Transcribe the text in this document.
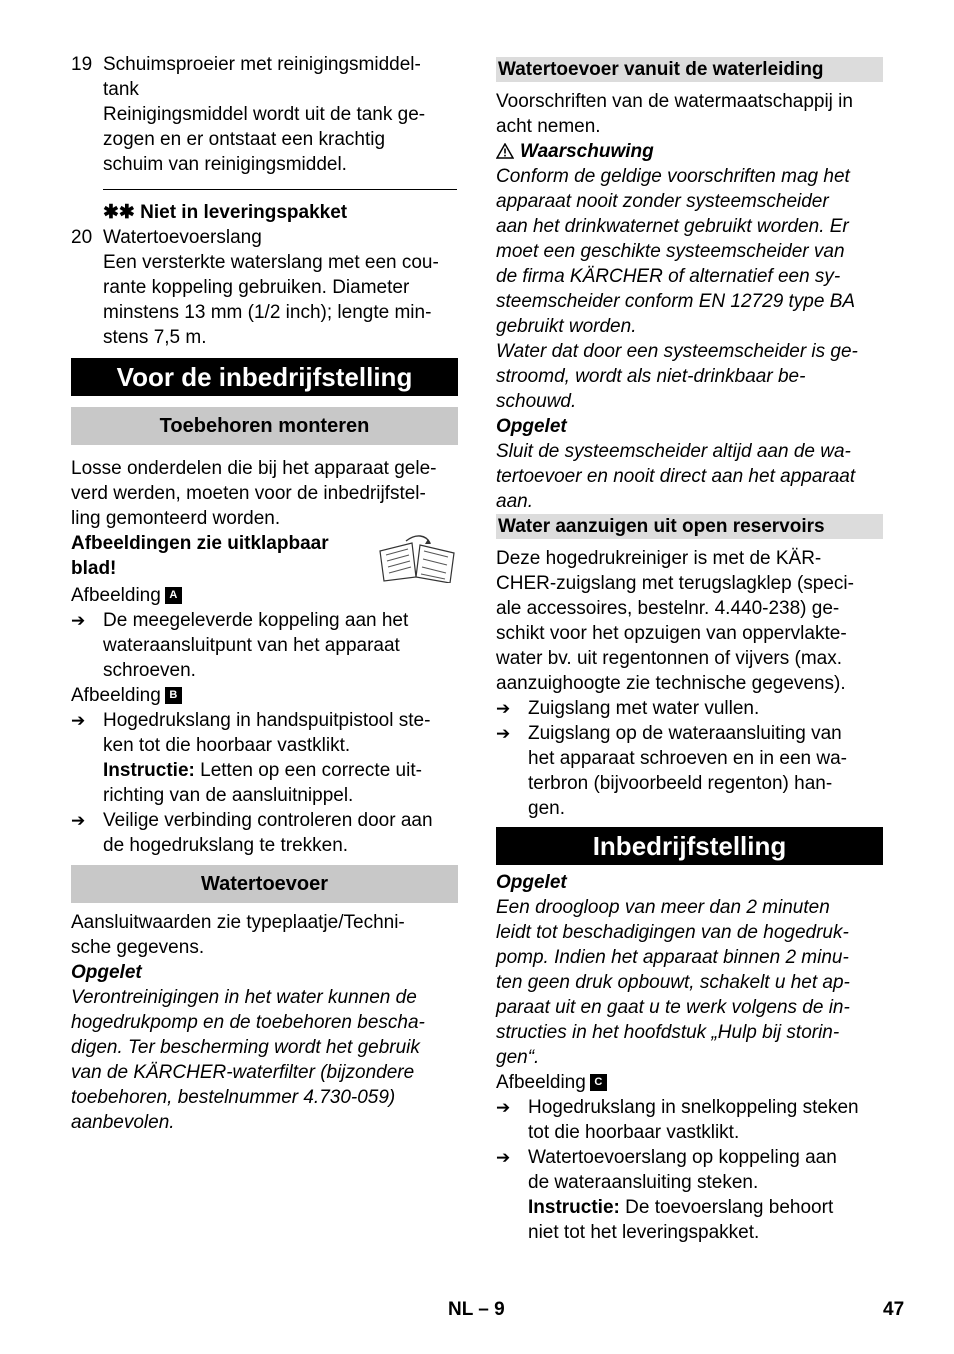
19 Schuimsproeier met reinigingsmiddel-
tank
Reinigingsmiddel wordt uit de tank ge-
zogen en er ontstaat een krachtig
schuim van reinigingsmiddel.
✱✱ Niet in leveringspakket
20 Watertoevoerslang
Een versterkte waterslang met een cou-
rante koppeling gebruiken. Diameter
minstens 13 mm (1/2 inch); lengte min-
stens 7,5 m.
Voor de inbedrijfstelling
Toebehoren monteren
Losse onderdelen die bij het apparaat gele-
verd werden, moeten voor de inbedrijfstel-
ling gemonteerd worden.
Afbeeldingen zie uitklapbaar
blad!
Afbeelding A
➔ De meegeleverde koppeling aan het
wateraansluitpunt van het apparaat
schroeven.
Afbeelding B
➔ Hogedrukslang in handspuitpistool ste-
ken tot die hoorbaar vastklikt.
Instructie: Letten op een correcte uit-
richting van de aansluitnippel.
➔ Veilige verbinding controleren door aan
de hogedrukslang te trekken.
Watertoevoer
Aansluitwaarden zie typeplaatje/Techni-
sche gegevens.
Opgelet
Verontreinigingen in het water kunnen de
hogedrukpomp en de toebehoren bescha-
digen. Ter bescherming wordt het gebruik
van de KÄRCHER-waterfilter (bijzondere
toebehoren, bestelnummer 4.730-059)
aanbevolen.
Watertoevoer vanuit de waterleiding
Voorschriften van de watermaatschappij in
acht nemen.
Waarschuwing
Conform de geldige voorschriften mag het
apparaat nooit zonder systeemscheider
aan het drinkwaternet gebruikt worden. Er
moet een geschikte systeemscheider van
de firma KÄRCHER of alternatief een sy-
steemscheider conform EN 12729 type BA
gebruikt worden.
Water dat door een systeemscheider is ge-
stroomd, wordt als niet-drinkbaar be-
schouwd.
Opgelet
Sluit de systeemscheider altijd aan de wa-
tertoevoer en nooit direct aan het apparaat
aan.
Water aanzuigen uit open reservoirs
Deze hogedrukreiniger is met de KÄR-
CHER-zuigslang met terugslagklep (speci-
ale accessoires, bestelnr. 4.440-238) ge-
schikt voor het opzuigen van oppervlakte-
water bv. uit regentonnen of vijvers (max.
aanzuighoogte zie technische gegevens).
➔ Zuigslang met water vullen.
➔ Zuigslang op de wateraansluiting van
het apparaat schroeven en in een wa-
terbron (bijvoorbeeld regenton) han-
gen.
Inbedrijfstelling
Opgelet
Een droogloop van meer dan 2 minuten
leidt tot beschadigingen van de hogedruk-
pomp. Indien het apparaat binnen 2 minu-
ten geen druk opbouwt, schakelt u het ap-
paraat uit en gaat u te werk volgens de in-
structies in het hoofdstuk „Hulp bij storin-
gen“.
Afbeelding C
➔ Hogedrukslang in snelkoppeling steken
tot die hoorbaar vastklikt.
➔ Watertoevoerslang op koppeling aan
de wateraansluiting steken.
Instructie: De toevoerslang behoort
niet tot het leveringspakket.
NL – 9	47
